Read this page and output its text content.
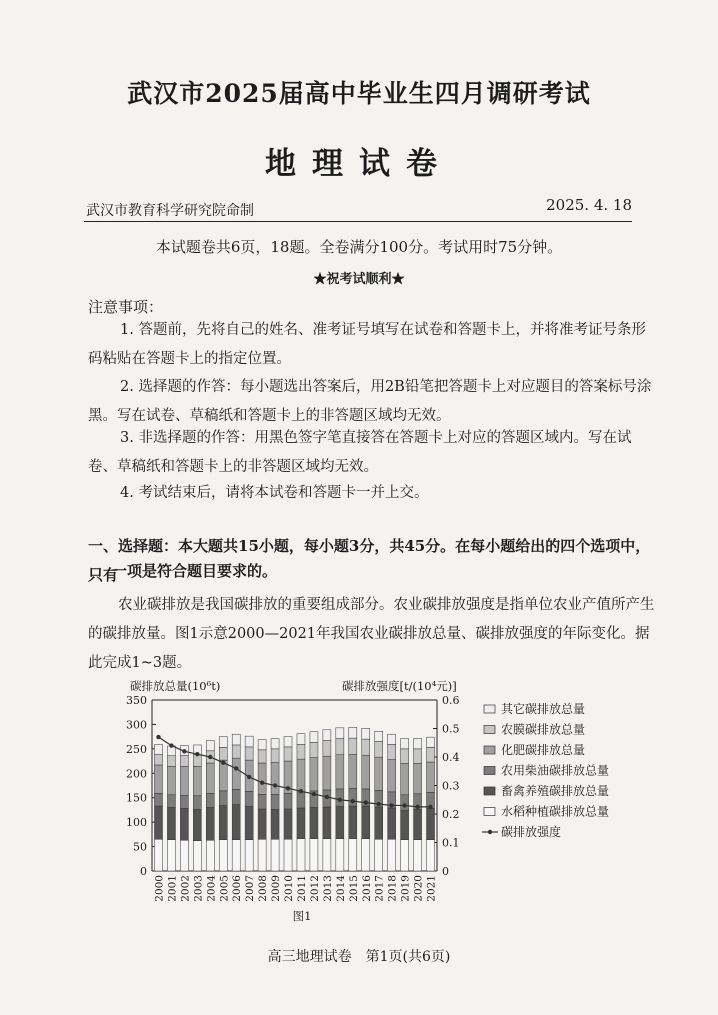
武汉市2025届高中毕业生四月调研考试
地理试卷
武汉市教育科学研究院命制	2025. 4. 18
本试题卷共6页，18题。全卷满分100分。考试用时75分钟。
★祝考试顺利★
注意事项：
1. 答题前，先将自己的姓名、准考证号填写在试卷和答题卡上，并将准考证号条形码粘贴在答题卡上的指定位置。
2. 选择题的作答：每小题选出答案后，用2B铅笔把答题卡上对应题目的答案标号涂黑。写在试卷、草稿纸和答题卡上的非答题区域均无效。
3. 非选择题的作答：用黑色签字笔直接答在答题卡上对应的答题区域内。写在试卷、草稿纸和答题卡上的非答题区域均无效。
4. 考试结束后，请将本试卷和答题卡一并上交。
一、选择题：本大题共15小题，每小题3分，共45分。在每小题给出的四个选项中，只有
一项是符合题目要求的。
农业碳排放是我国碳排放的重要组成部分。农业碳排放强度是指单位农业产值所产生的碳排放量。图1示意2000—2021年我国农业碳排放总量、碳排放强度的年际变化。据此完成1~3题。
碳排放总量(10⁶t)	碳排放强度[t/(10⁴元)]
0
50
100
150
200
250
300
350
0
0.1
0.2
0.3
0.4
0.5
0.6
2000 2001 2002 2003 2004 2005 2006 2007 2008 2009 2010 2011 2012 2013 2014 2015 2016 2017 2018 2019 2020 2021
其它碳排放总量
农膜碳排放总量
化肥碳排放总量
农用柴油碳排放总量
畜禽养殖碳排放总量
水稻种植碳排放总量
碳排放强度
图1
高三地理试卷　第1页(共6页)
